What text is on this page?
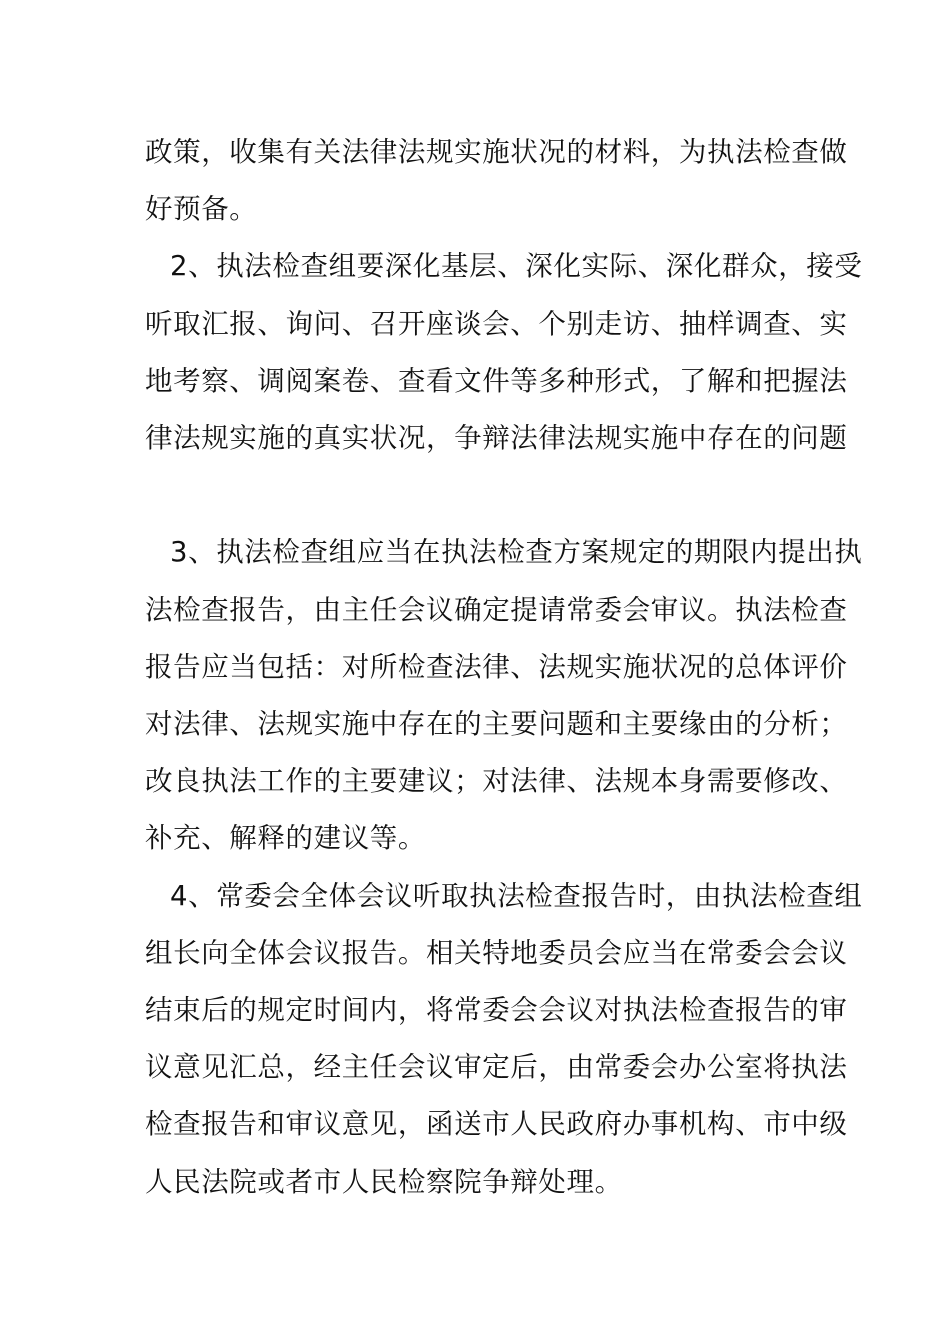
政策，收集有关法律法规实施状况的材料，为执法检查做
好预备。
2、执法检查组要深化基层、深化实际、深化群众，接受
听取汇报、询问、召开座谈会、个别走访、抽样调查、实
地考察、调阅案卷、查看文件等多种形式，了解和把握法
律法规实施的真实状况，争辩法律法规实施中存在的问题
3、执法检查组应当在执法检查方案规定的期限内提出执
法检查报告，由主任会议确定提请常委会审议。执法检查
报告应当包括：对所检查法律、法规实施状况的总体评价
对法律、法规实施中存在的主要问题和主要缘由的分析；
改良执法工作的主要建议；对法律、法规本身需要修改、
补充、解释的建议等。
4、常委会全体会议听取执法检查报告时，由执法检查组
组长向全体会议报告。相关特地委员会应当在常委会会议
结束后的规定时间内，将常委会会议对执法检查报告的审
议意见汇总，经主任会议审定后，由常委会办公室将执法
检查报告和审议意见，函送市人民政府办事机构、市中级
人民法院或者市人民检察院争辩处理。
